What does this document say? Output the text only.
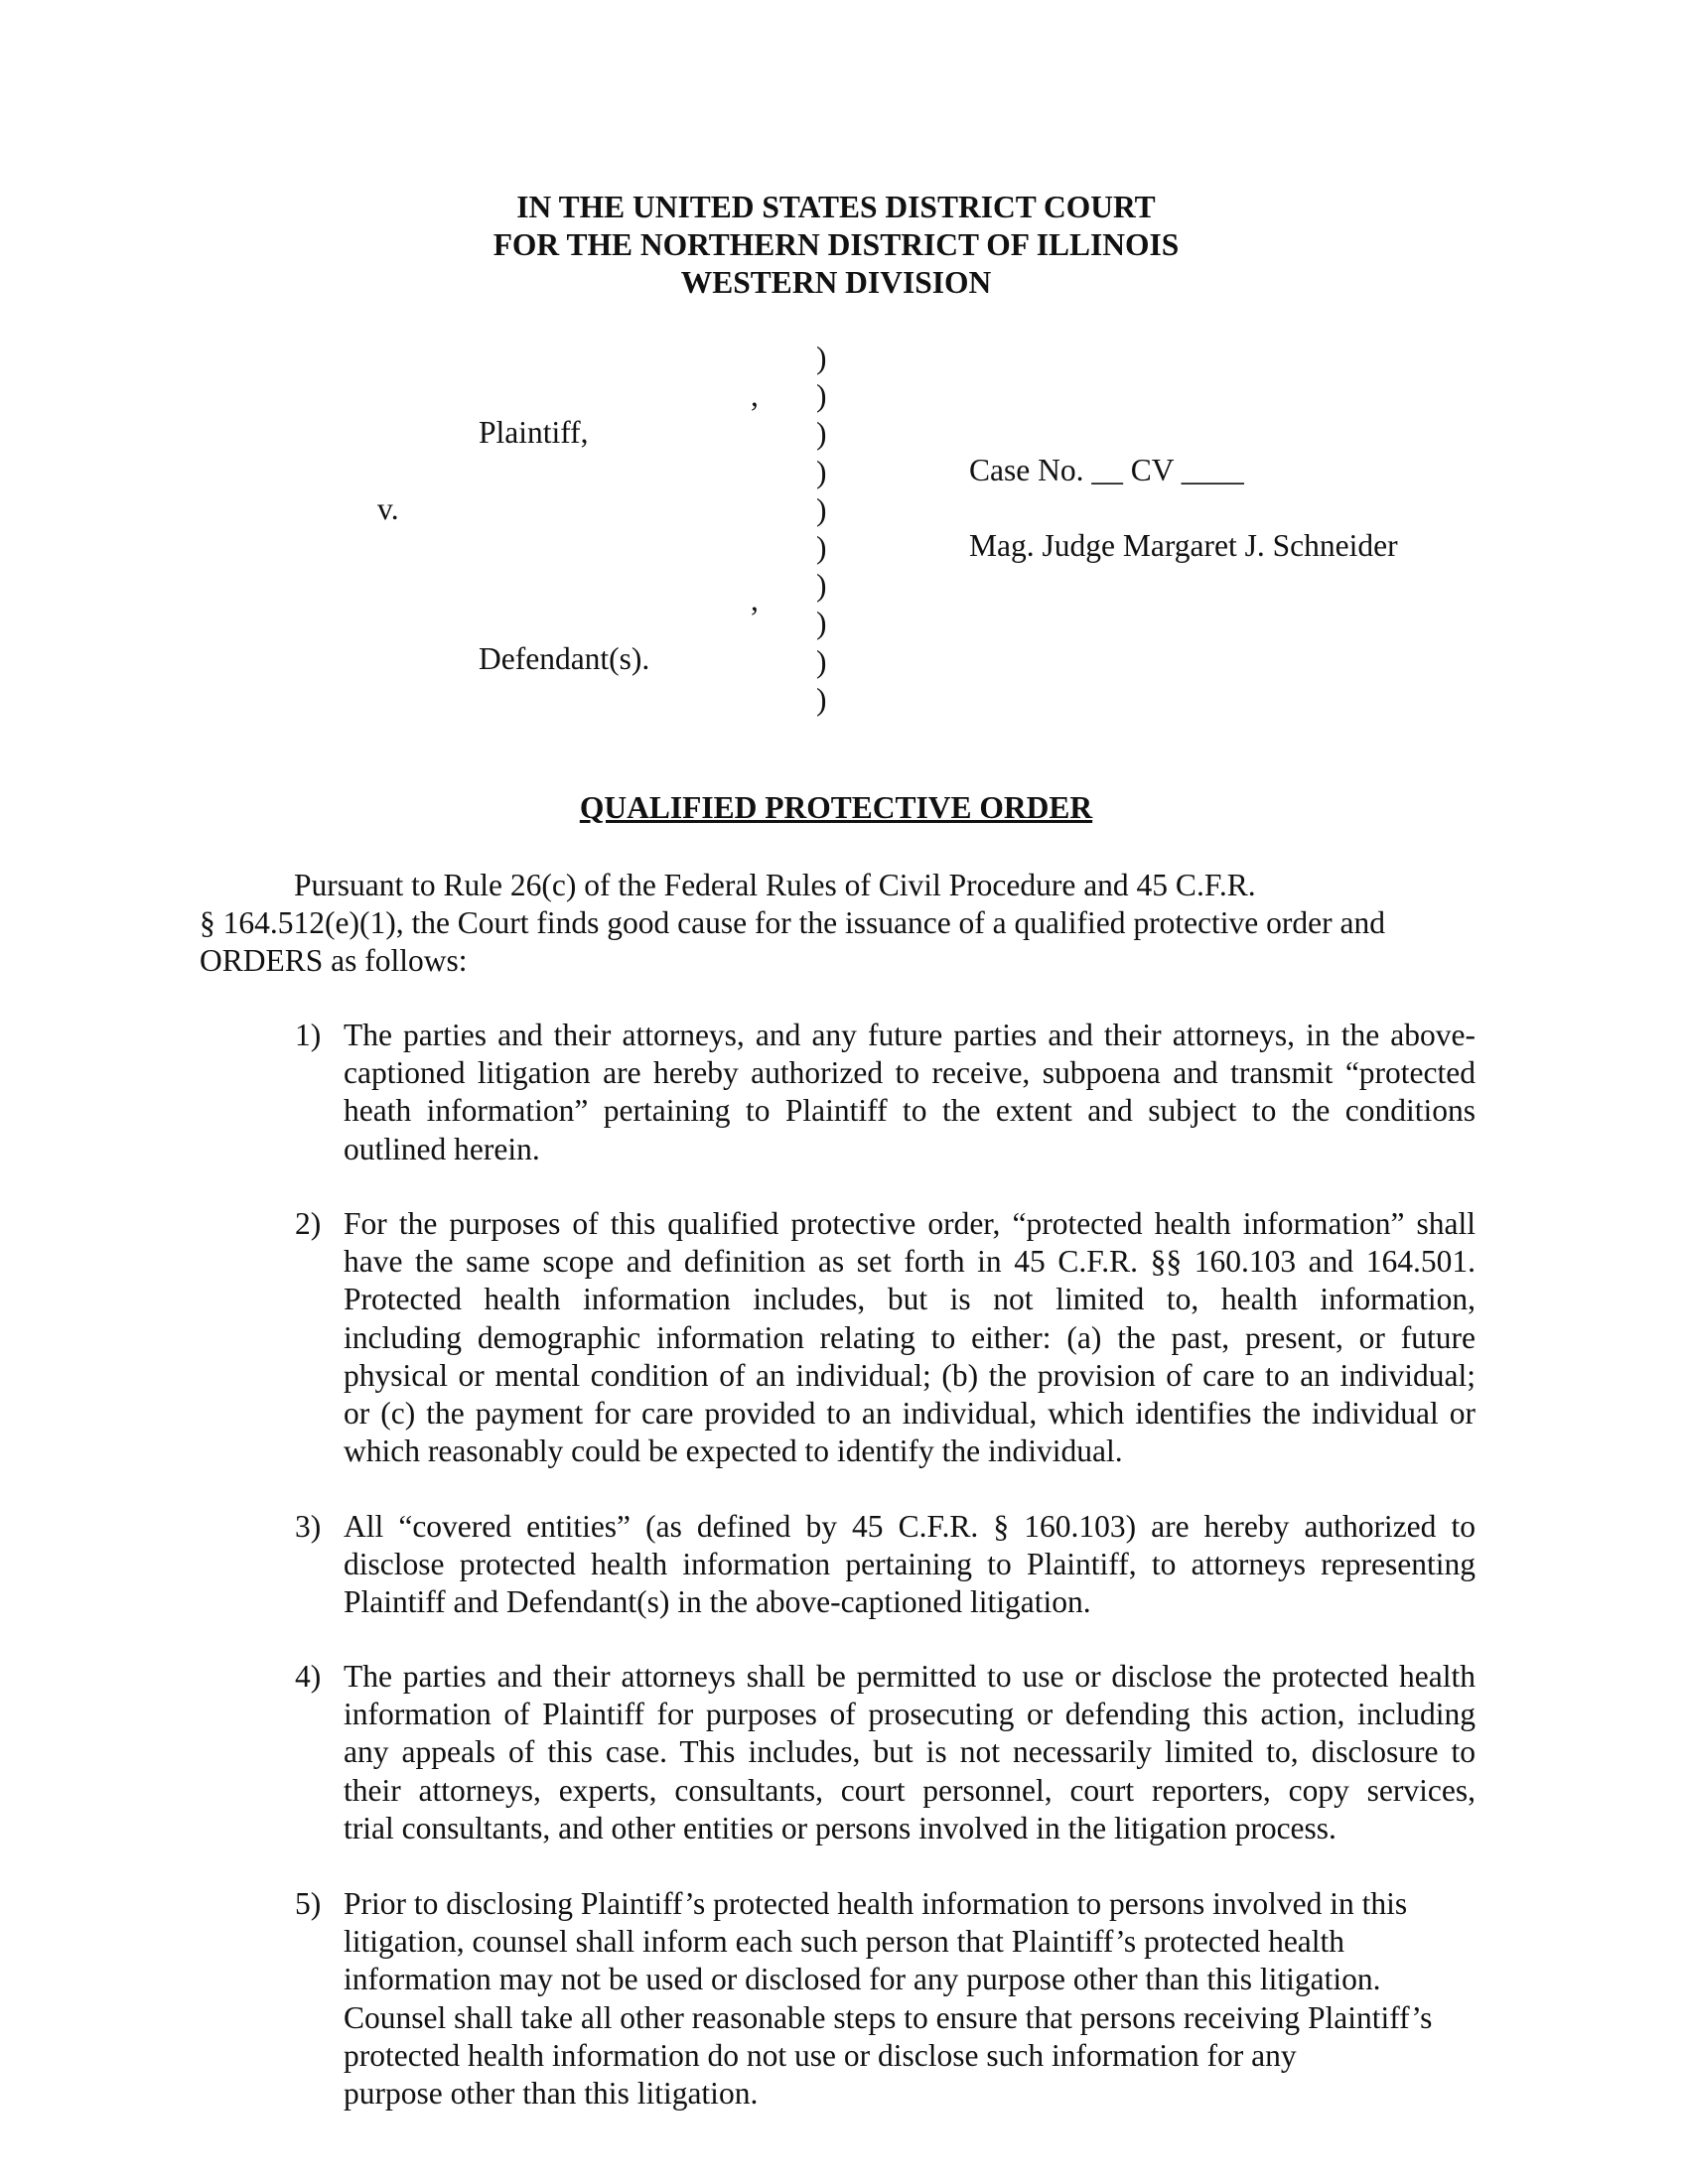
IN THE UNITED STATES DISTRICT COURT
FOR THE NORTHERN DISTRICT OF ILLINOIS
WESTERN DIVISION
)
)
)
)
)
)
)
)
)
)
,
Plaintiff,
v.
,
Defendant(s).
Case No. __ CV ____
Mag. Judge Margaret J. Schneider
QUALIFIED PROTECTIVE ORDER
Pursuant to Rule 26(c) of the Federal Rules of Civil Procedure and 45 C.F.R.
§ 164.512(e)(1), the Court finds good cause for the issuance of a qualified protective order and
ORDERS as follows:
1) The parties and their attorneys, and any future parties and their attorneys, in the above-
captioned litigation are hereby authorized to receive, subpoena and transmit “protected
heath information” pertaining to Plaintiff to the extent and subject to the conditions
outlined herein.
2) For the purposes of this qualified protective order, “protected health information” shall
have the same scope and definition as set forth in 45 C.F.R. §§ 160.103 and 164.501.
Protected health information includes, but is not limited to, health information,
including demographic information relating to either: (a) the past, present, or future
physical or mental condition of an individual; (b) the provision of care to an individual;
or (c) the payment for care provided to an individual, which identifies the individual or
which reasonably could be expected to identify the individual.
3) All “covered entities” (as defined by 45 C.F.R. § 160.103) are hereby authorized to
disclose protected health information pertaining to Plaintiff, to attorneys representing
Plaintiff and Defendant(s) in the above-captioned litigation.
4) The parties and their attorneys shall be permitted to use or disclose the protected health
information of Plaintiff for purposes of prosecuting or defending this action, including
any appeals of this case. This includes, but is not necessarily limited to, disclosure to
their attorneys, experts, consultants, court personnel, court reporters, copy services,
trial consultants, and other entities or persons involved in the litigation process.
5) Prior to disclosing Plaintiff’s protected health information to persons involved in this
litigation, counsel shall inform each such person that Plaintiff’s protected health
information may not be used or disclosed for any purpose other than this litigation.
Counsel shall take all other reasonable steps to ensure that persons receiving Plaintiff’s
protected health information do not use or disclose such information for any
purpose other than this litigation.
